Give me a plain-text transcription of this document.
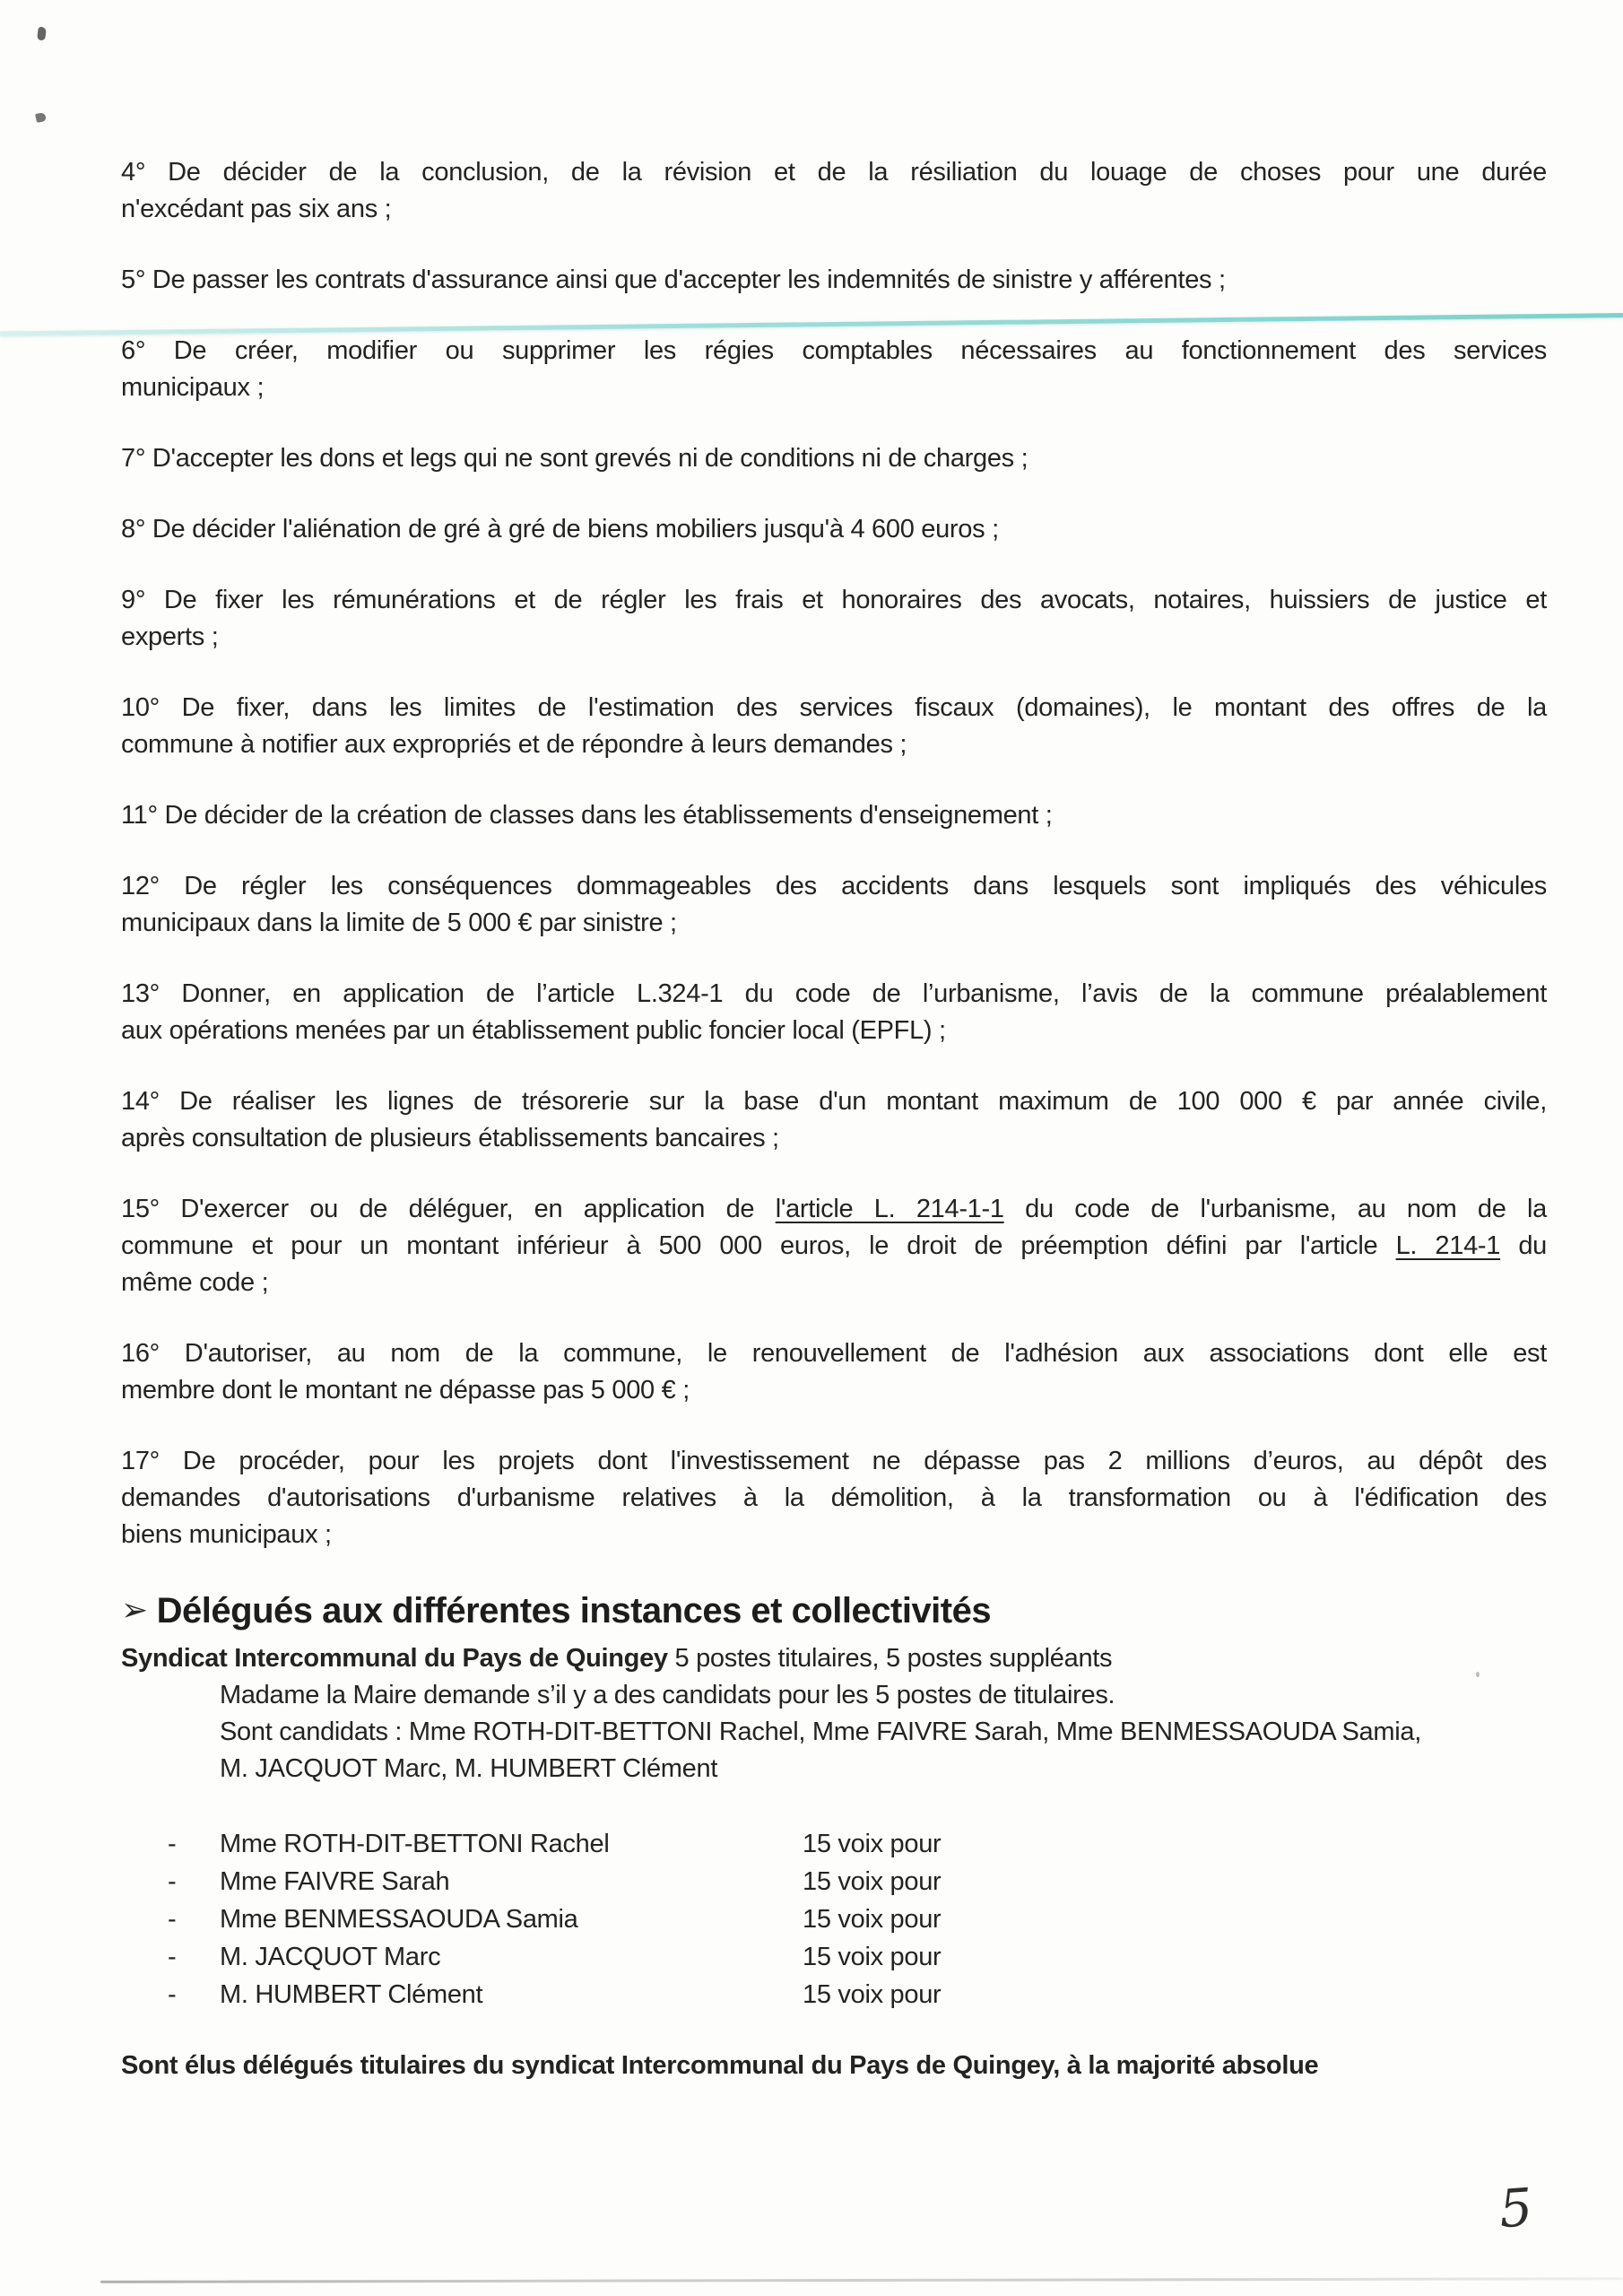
4° De décider de la conclusion, de la révision et de la résiliation du louage de choses pour une durée
n'excédant pas six ans ;
5° De passer les contrats d'assurance ainsi que d'accepter les indemnités de sinistre y afférentes ;
6° De créer, modifier ou supprimer les régies comptables nécessaires au fonctionnement des services
municipaux ;
7° D'accepter les dons et legs qui ne sont grevés ni de conditions ni de charges ;
8° De décider l'aliénation de gré à gré de biens mobiliers jusqu'à 4 600 euros ;
9° De fixer les rémunérations et de régler les frais et honoraires des avocats, notaires, huissiers de justice et
experts ;
10° De fixer, dans les limites de l'estimation des services fiscaux (domaines), le montant des offres de la
commune à notifier aux expropriés et de répondre à leurs demandes ;
11° De décider de la création de classes dans les établissements d'enseignement ;
12° De régler les conséquences dommageables des accidents dans lesquels sont impliqués des véhicules
municipaux dans la limite de 5 000 € par sinistre ;
13° Donner, en application de l’article L.324-1 du code de l’urbanisme, l’avis de la commune préalablement
aux opérations menées par un établissement public foncier local (EPFL) ;
14° De réaliser les lignes de trésorerie sur la base d'un montant maximum de 100 000 € par année civile,
après consultation de plusieurs établissements bancaires ;
15° D'exercer ou de déléguer, en application de l'article L. 214-1-1 du code de l'urbanisme, au nom de la
commune et pour un montant inférieur à 500 000 euros, le droit de préemption défini par l'article L. 214-1 du
même code ;
16° D'autoriser, au nom de la commune, le renouvellement de l'adhésion aux associations dont elle est
membre dont le montant ne dépasse pas 5 000 € ;
17° De procéder, pour les projets dont l'investissement ne dépasse pas 2 millions d’euros, au dépôt des
demandes d'autorisations d'urbanisme relatives à la démolition, à la transformation ou à l'édification des
biens municipaux ;
➢ Délégués aux différentes instances et collectivités
Syndicat Intercommunal du Pays de Quingey 5 postes titulaires, 5 postes suppléants
Madame la Maire demande s’il y a des candidats pour les 5 postes de titulaires.
Sont candidats : Mme ROTH-DIT-BETTONI Rachel, Mme FAIVRE Sarah, Mme BENMESSAOUDA Samia,
M. JACQUOT Marc, M. HUMBERT Clément
- Mme ROTH-DIT-BETTONI Rachel	15 voix pour
- Mme FAIVRE Sarah	15 voix pour
- Mme BENMESSAOUDA Samia	15 voix pour
- M. JACQUOT Marc	15 voix pour
- M. HUMBERT Clément	15 voix pour
Sont élus délégués titulaires du syndicat Intercommunal du Pays de Quingey, à la majorité absolue
5
